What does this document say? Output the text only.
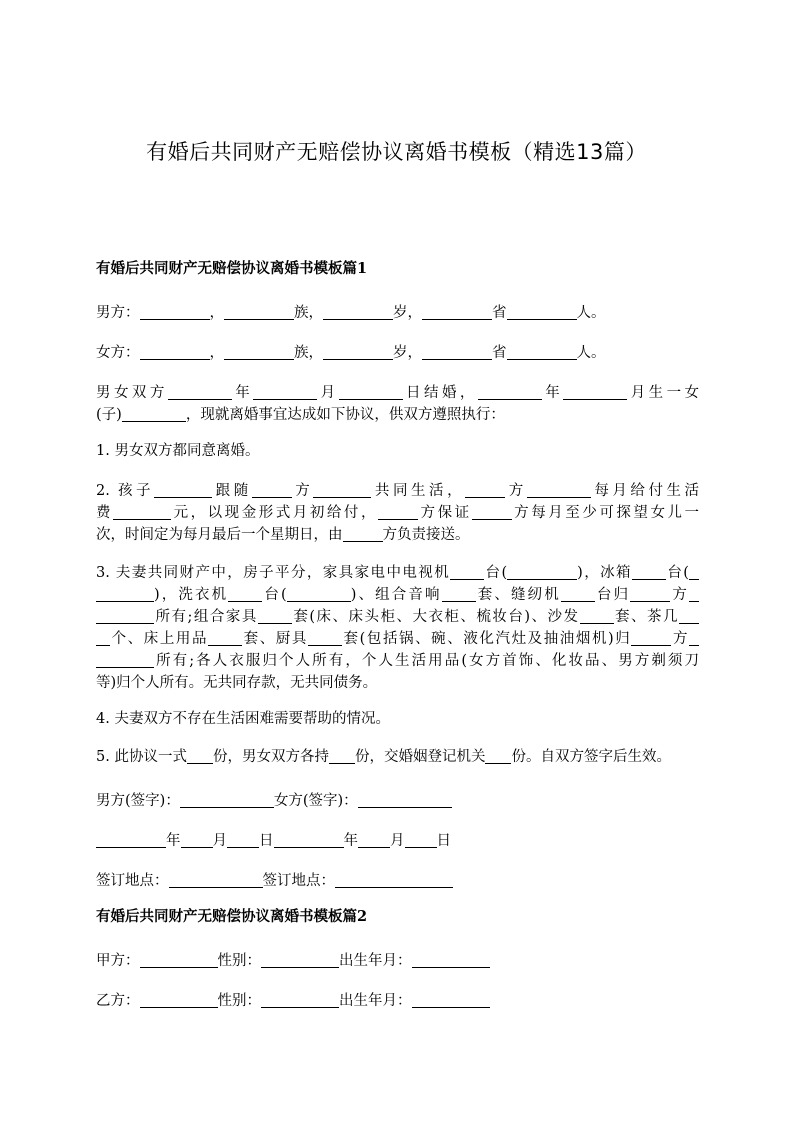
有婚后共同财产无赔偿协议离婚书模板（精选13篇）
有婚后共同财产无赔偿协议离婚书模板篇1
男方：	，	族，	岁，	省	人。
女方：	，	族，	岁，	省	人。
男女双方	年	月	日结婚，	年	月生一女
(子)	，现就离婚事宜达成如下协议，供双方遵照执行：
1. 男女双方都同意离婚。
2. 孩子	跟随	方	共同生活，	方	每月给付生活
费	元，以现金形式月初给付，	方保证	方每月至少可探望女儿一
次，时间定为每月最后一个星期日，由	方负责接送。
3. 夫妻共同财产中，房子平分，家具家电中电视机 台(	)，冰箱 台(
)，洗衣机 台(	)、组合音响 套、缝纫机 台归	方
所有;组合家具 套(床、床头柜、大衣柜、梳妆台)、沙发 套、茶几
个、床上用品 套、厨具 套(包括锅、碗、液化汽灶及抽油烟机)归	方
所有;各人衣服归个人所有，个人生活用品(女方首饰、化妆品、男方剃须刀
等)归个人所有。无共同存款，无共同债务。
4. 夫妻双方不存在生活困难需要帮助的情况。
5. 此协议一式 份，男女双方各持 份，交婚姻登记机关 份。自双方签字后生效。
男方(签字)：	女方(签字)：
年 月 日	年 月 日
签订地点：	签订地点：
有婚后共同财产无赔偿协议离婚书模板篇2
甲方：	性别：	出生年月：
乙方：	性别：	出生年月：
